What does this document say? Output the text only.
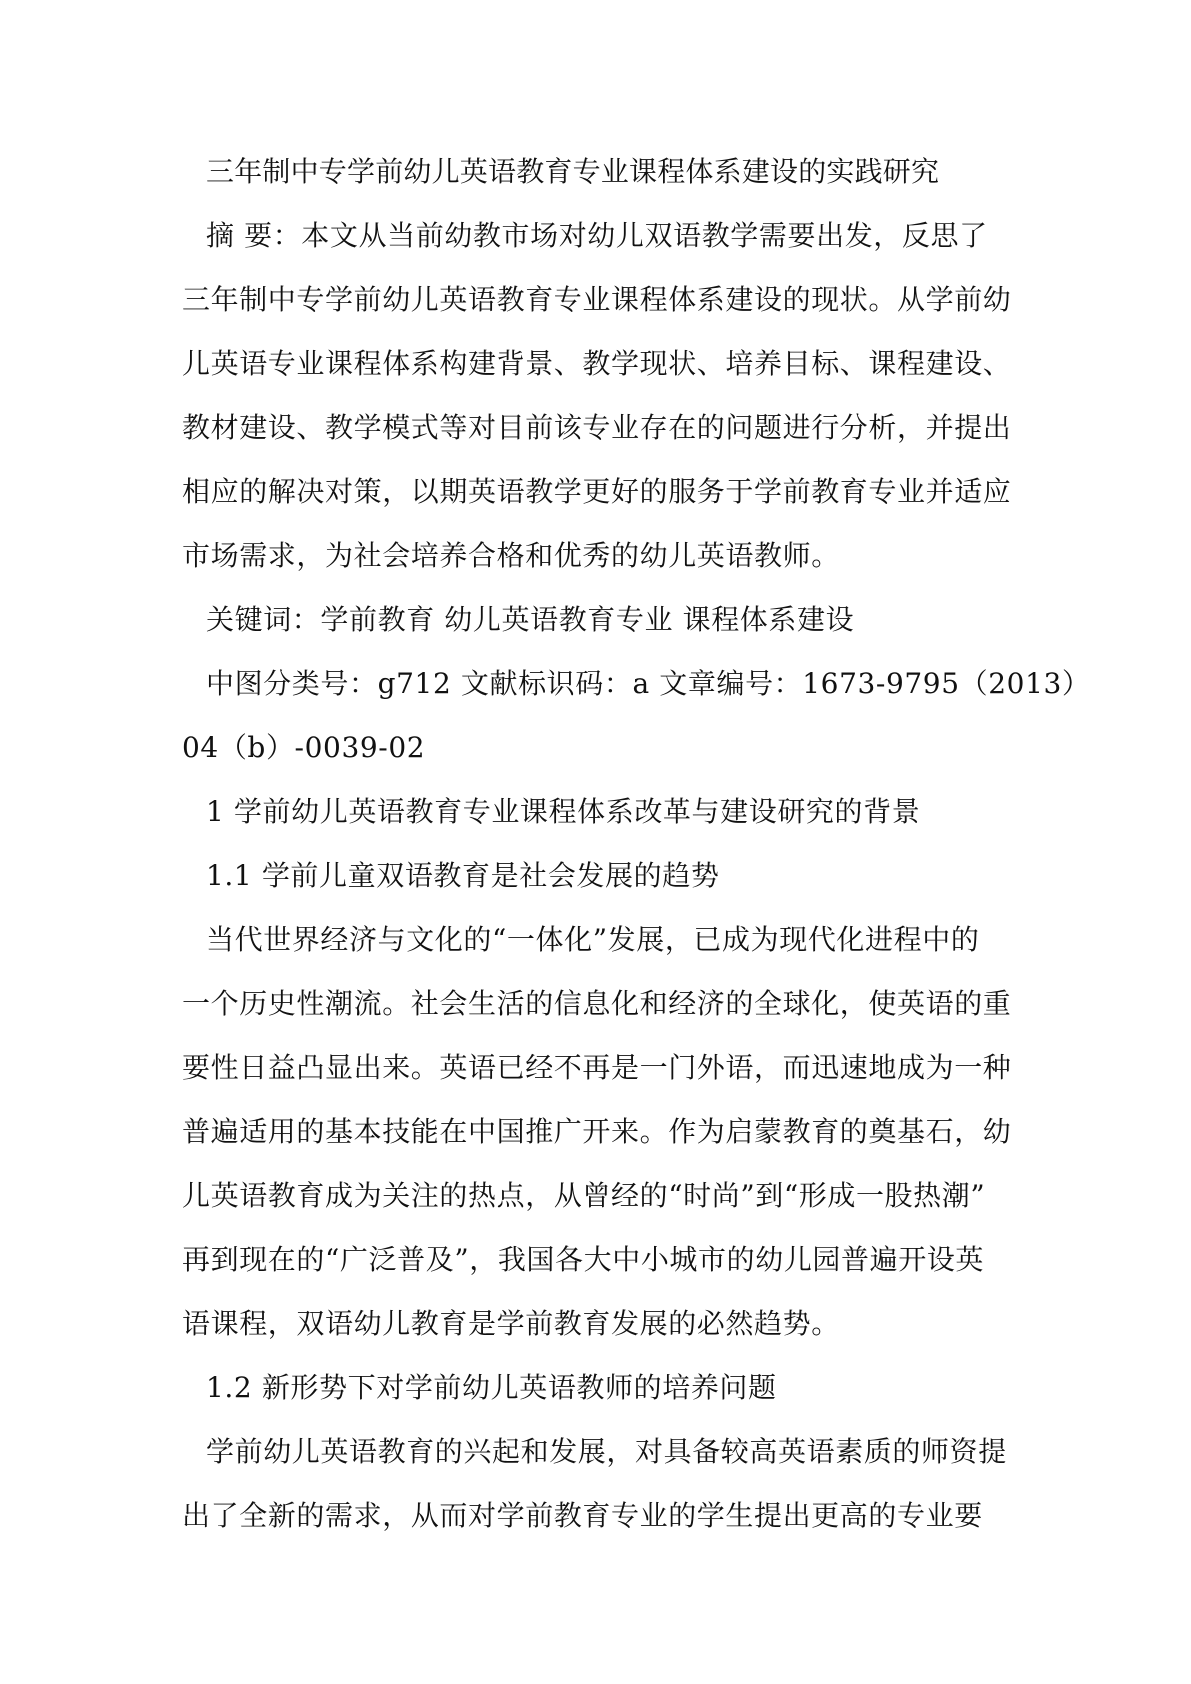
三年制中专学前幼儿英语教育专业课程体系建设的实践研究
摘 要：本文从当前幼教市场对幼儿双语教学需要出发，反思了
三年制中专学前幼儿英语教育专业课程体系建设的现状。从学前幼
儿英语专业课程体系构建背景、教学现状、培养目标、课程建设、
教材建设、教学模式等对目前该专业存在的问题进行分析，并提出
相应的解决对策，以期英语教学更好的服务于学前教育专业并适应
市场需求，为社会培养合格和优秀的幼儿英语教师。
关键词：学前教育 幼儿英语教育专业 课程体系建设
中图分类号：g712 文献标识码：a 文章编号：1673-9795（2013）
04（b）-0039-02
1 学前幼儿英语教育专业课程体系改革与建设研究的背景
1.1 学前儿童双语教育是社会发展的趋势
当代世界经济与文化的“一体化”发展，已成为现代化进程中的
一个历史性潮流。社会生活的信息化和经济的全球化，使英语的重
要性日益凸显出来。英语已经不再是一门外语，而迅速地成为一种
普遍适用的基本技能在中国推广开来。作为启蒙教育的奠基石，幼
儿英语教育成为关注的热点，从曾经的“时尚”到“形成一股热潮”
再到现在的“广泛普及”，我国各大中小城市的幼儿园普遍开设英
语课程，双语幼儿教育是学前教育发展的必然趋势。
1.2 新形势下对学前幼儿英语教师的培养问题
学前幼儿英语教育的兴起和发展，对具备较高英语素质的师资提
出了全新的需求，从而对学前教育专业的学生提出更高的专业要
